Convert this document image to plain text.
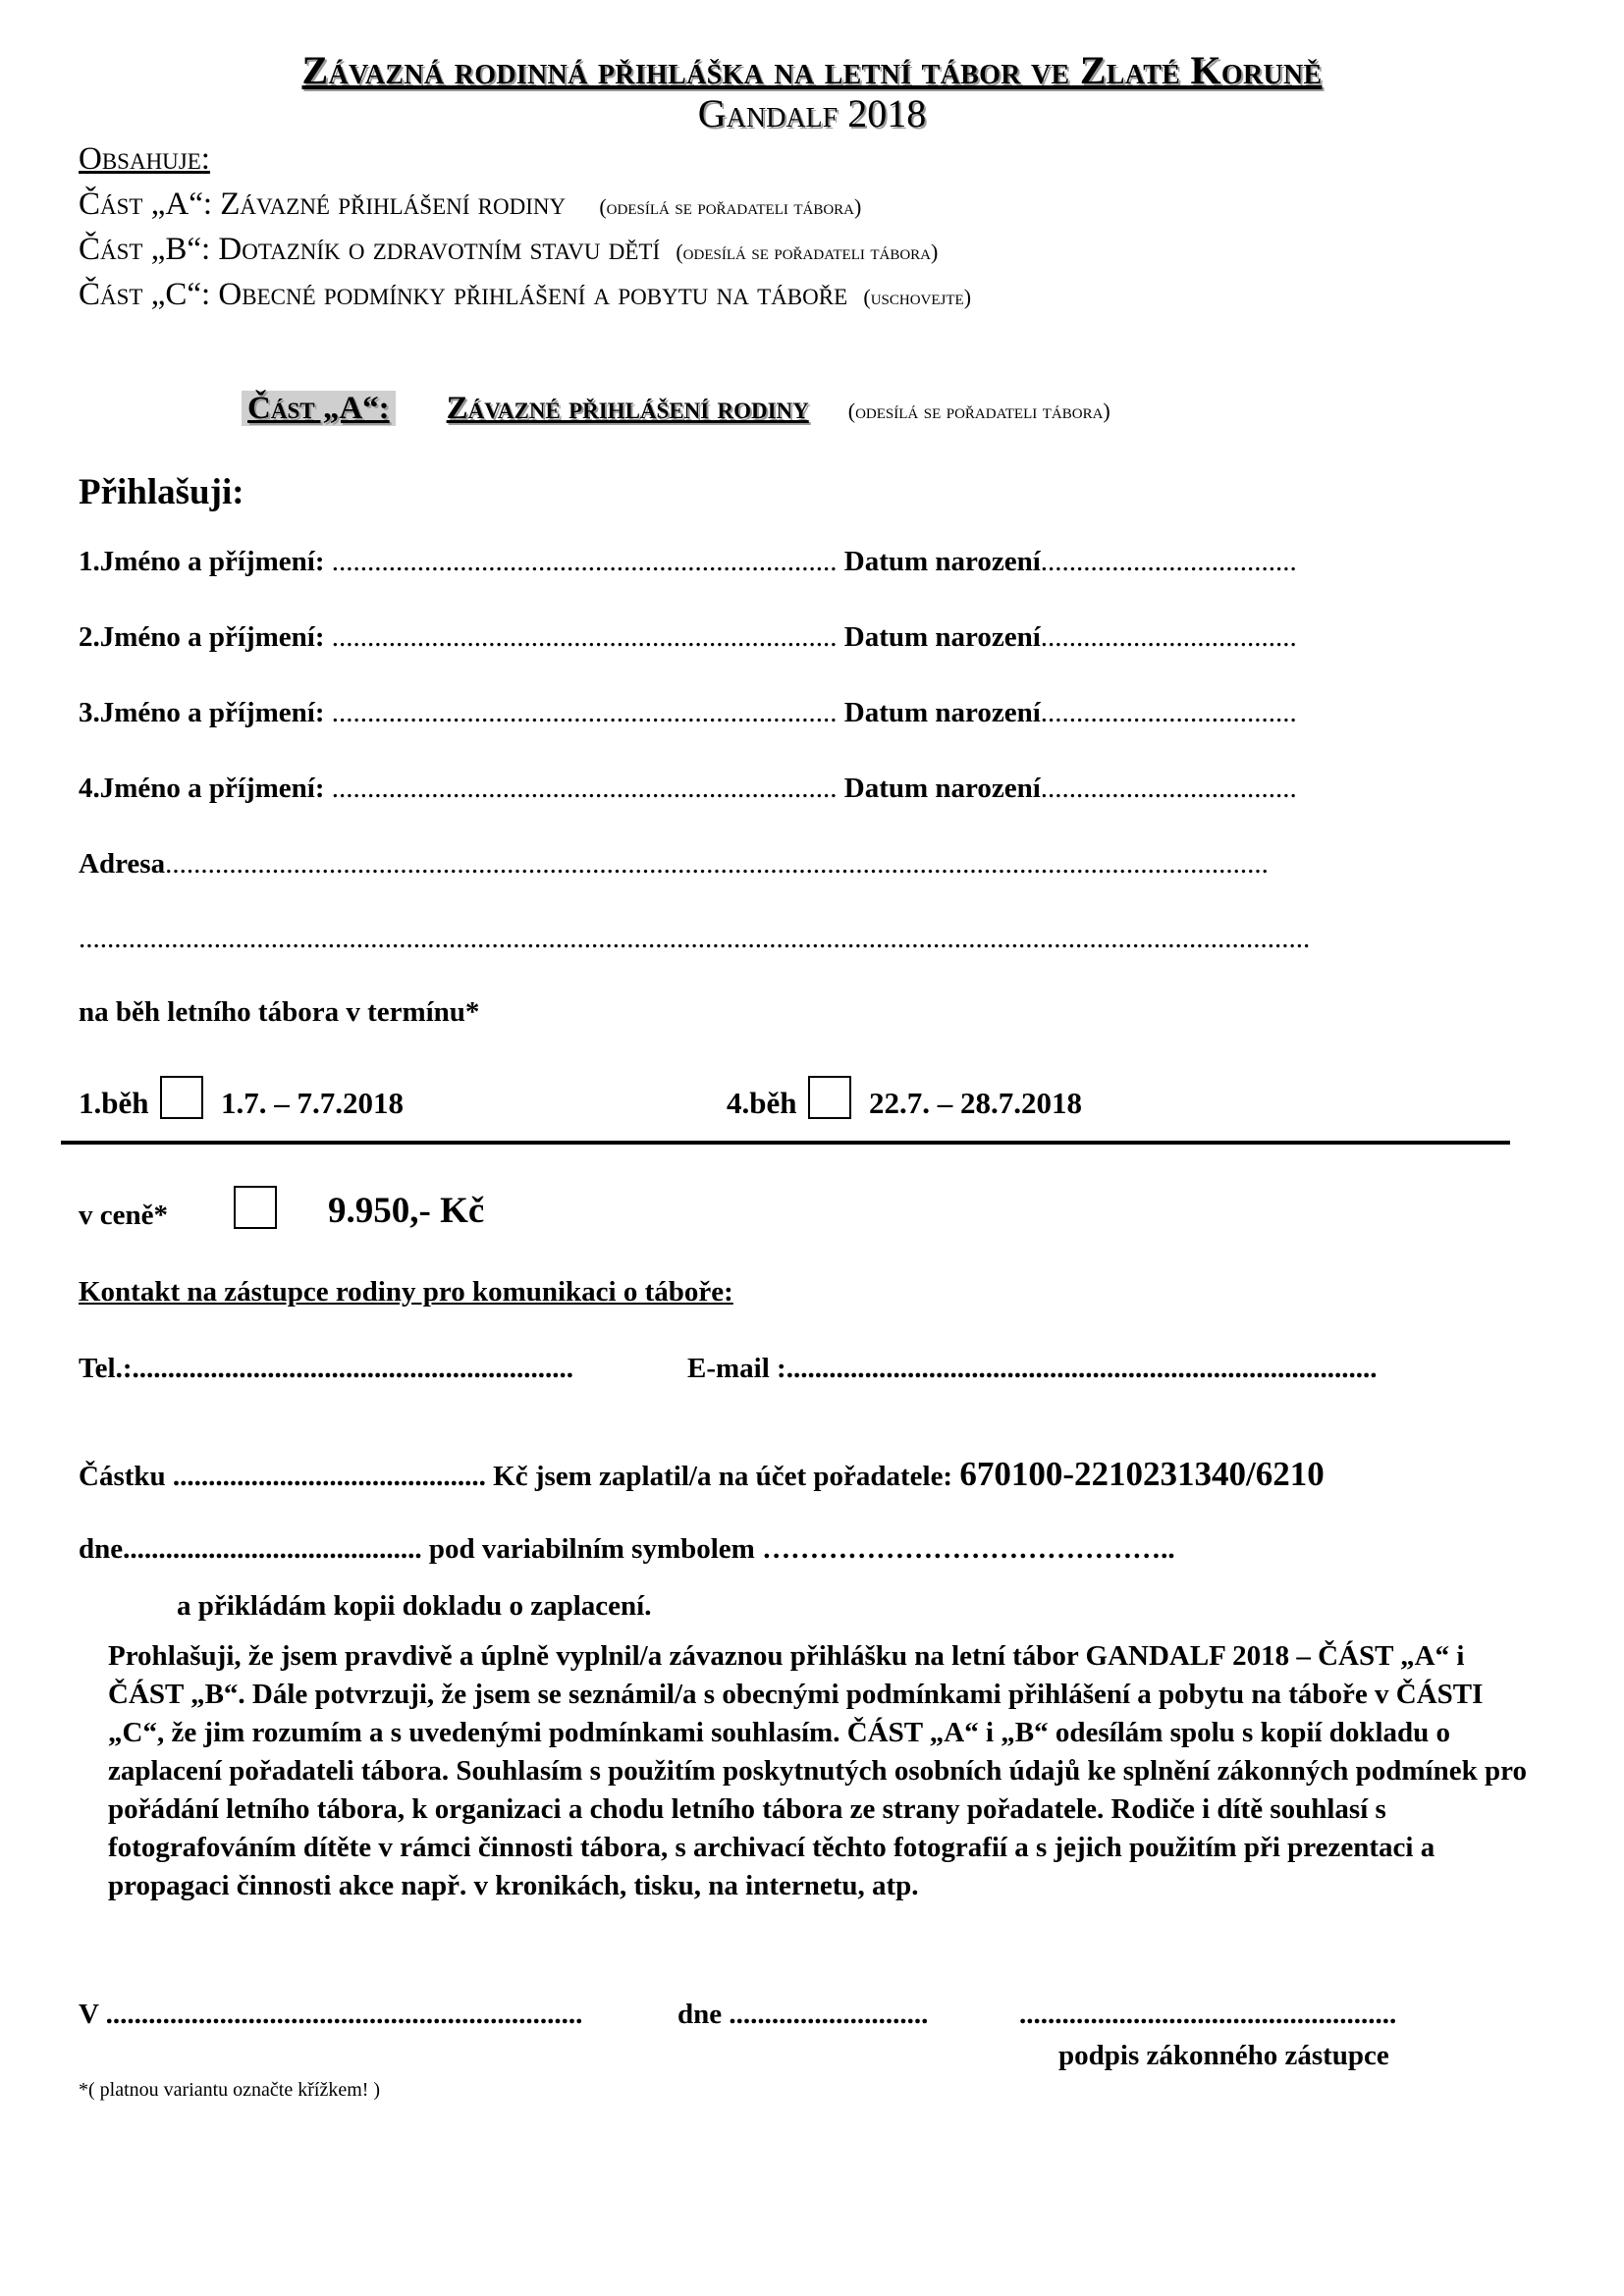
Závazná rodinná přihláška na letní tábor ve Zlaté Koruně
Gandalf 2018
Obsahuje:
Část „A“: Závazné přihlášení rodiny (odesílá se pořadateli tábora)
Část „B“: Dotazník o zdravotním stavu dětí (odesílá se pořadateli tábora)
Část „C“: Obecné podmínky přihlášení a pobytu na táboře (uschovejte)
Část „A“: Závazné přihlášení rodiny (odesílá se pořadateli tábora)
Přihlašuji:
1.Jméno a příjmení: ....................................................................... Datum narození....................................
2.Jméno a příjmení: ....................................................................... Datum narození....................................
3.Jméno a příjmení: ....................................................................... Datum narození....................................
4.Jméno a příjmení: ....................................................................... Datum narození....................................
Adresa...........................................................................................................................................................
.............................................................................................................................................................................
na běh letního tábora v termínu*
1.běh 1.7. – 7.7.2018	4.běh 22.7. – 28.7.2018
v ceně*	9.950,- Kč
Kontakt na zástupce rodiny pro komunikaci o táboře:
Tel.:..............................................................	E-mail :...................................................................................
Částku ............................................ Kč jsem zaplatil/a na účet pořadatele: 670100-2210231340/6210
dne.......................................... pod variabilním symbolem ……………………………………..
a přikládám kopii dokladu o zaplacení.
Prohlašuji, že jsem pravdivě a úplně vyplnil/a závaznou přihlášku na letní tábor GANDALF 2018 – ČÁST „A“ i ČÁST „B“. Dále potvrzuji, že jsem se seznámil/a s obecnými podmínkami přihlášení a pobytu na táboře v ČÁSTI „C“, že jim rozumím a s uvedenými podmínkami souhlasím. ČÁST „A“ i „B“ odesílám spolu s kopií dokladu o zaplacení pořadateli tábora. Souhlasím s použitím poskytnutých osobních údajů ke splnění zákonných podmínek pro pořádání letního tábora, k organizaci a chodu letního tábora ze strany pořadatele. Rodiče i dítě souhlasí s fotografováním dítěte v rámci činnosti tábora, s archivací těchto fotografií a s jejich použitím při prezentaci a propagaci činnosti akce např. v kronikách, tisku, na internetu, atp.
V ...................................................................	dne ............................	.....................................................
podpis zákonného zástupce
*( platnou variantu označte křížkem! )
